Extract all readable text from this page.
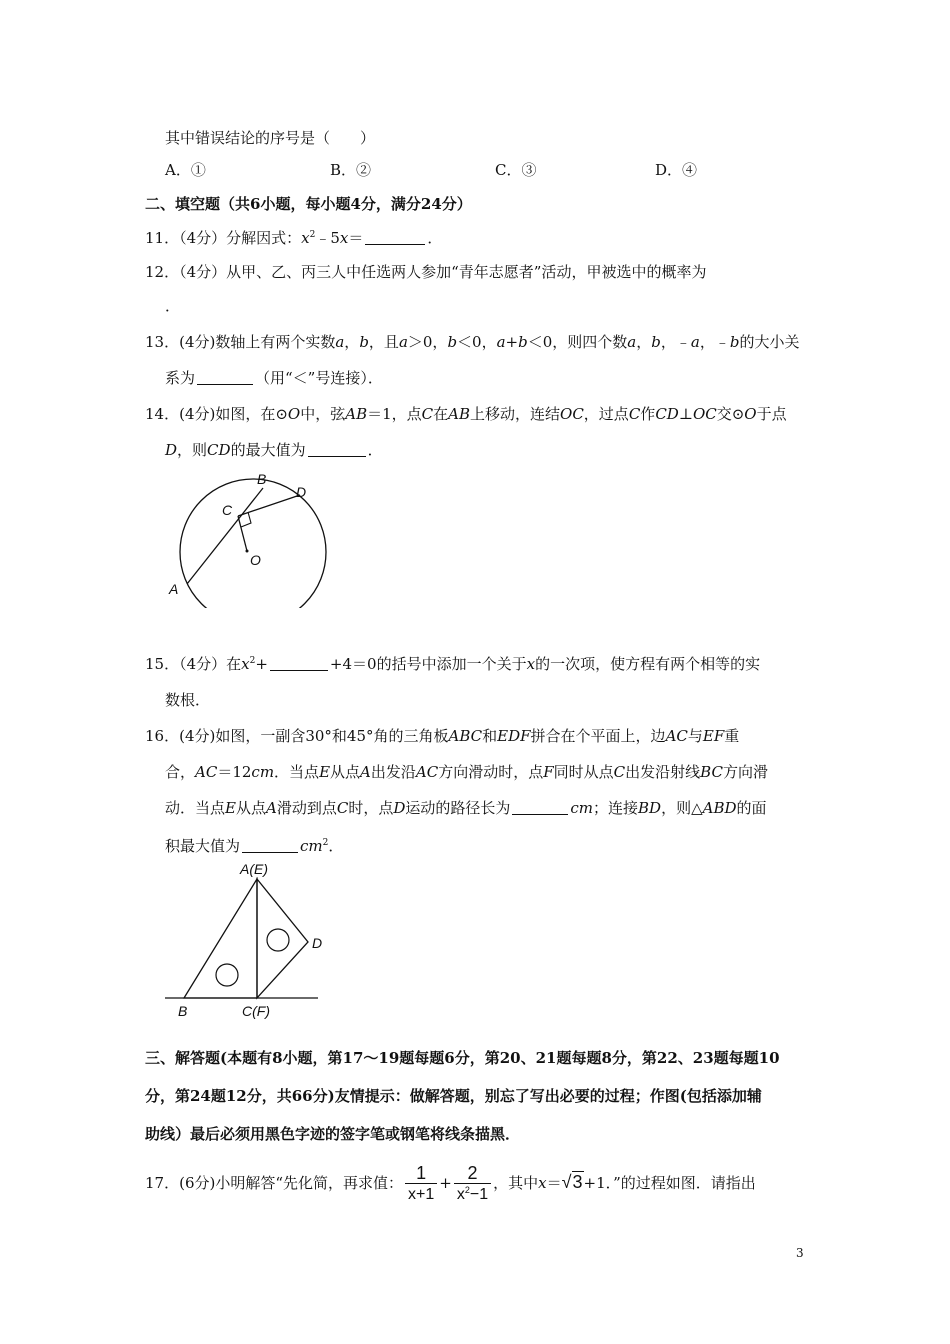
其中错误结论的序号是（　　）
A．①	B．②	C．③	D．④
二、填空题（共6小题，每小题4分，满分24分）
11．（4分）分解因式：$x^2﹣5x=$	．
12．（4分）从甲、乙、丙三人中任选两人参加“青年志愿者”活动，甲被选中的概率为
．
13．(4分)数轴上有两个实数a，b，且a＞0，b＜0，a+b＜0，则四个数a，b，﹣a，﹣b的大小关
系为	（用“＜”号连接）．
14．(4分)如图，在⊙O中，弦AB＝1，点C在AB上移动，连结OC，过点C作CD⊥OC交⊙O于点
D，则CD的最大值为	．
B
D
C
O
A
15．（4分）在$x^2+$	+4＝0的括号中添加一个关于x的一次项，使方程有两个相等的实
数根．
16．(4分)如图，一副含30°和45°角的三角板ABC和EDF拼合在个平面上，边AC与EF重
合，AC＝12cm．当点E从点A出发沿AC方向滑动时，点F同时从点C出发沿射线BC方向滑
动．当点E从点A滑动到点C时，点D运动的路径长为	cm；连接BD，则△ABD的面
积最大值为	$cm^2$．
A(E)
D
B	C(F)
三、解答题(本题有8小题，第17～19题每题6分，第20、21题每题8分，第22、23题每题10
分，第24题12分，共66分)友情提示：做解答题，别忘了写出必要的过程；作图(包括添加辅
助线）最后必须用黑色字迹的签字笔或钢笔将线条描黑．
17．(6分)小明解答“先化简，再求值： $\frac{1}{x+1} + \frac{2}{x^2-1}$ ，其中x＝√3+1．”的过程如图．请指出
3
